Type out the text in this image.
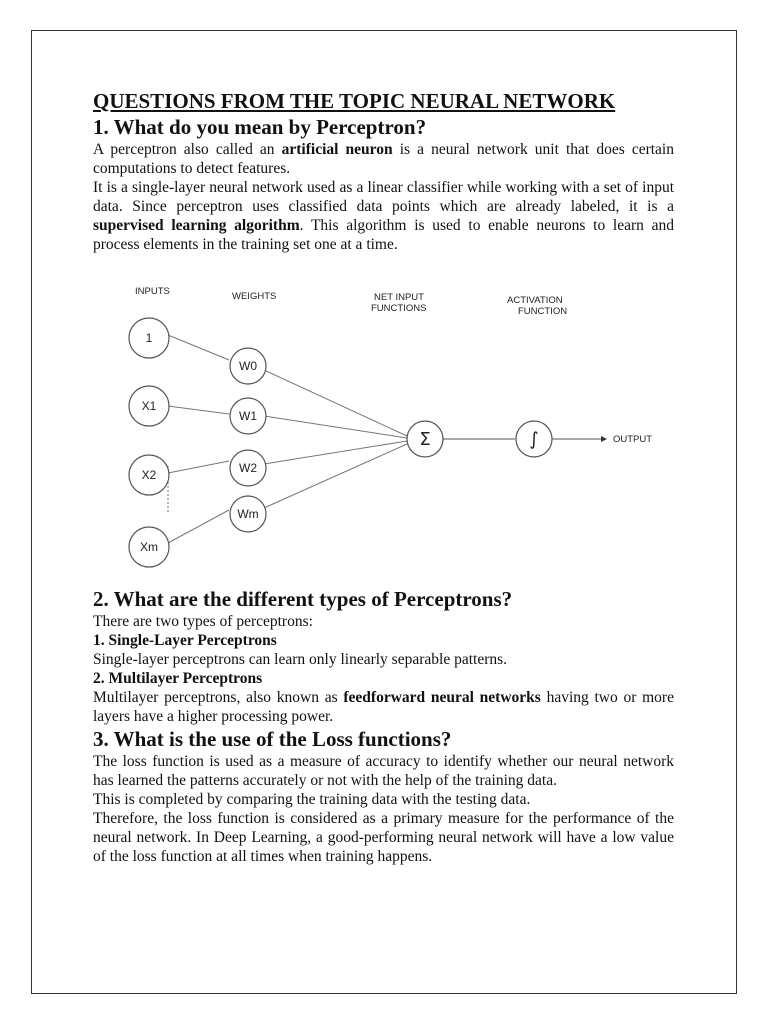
QUESTIONS FROM THE TOPIC NEURAL NETWORK
1. What do you mean by Perceptron?

A perceptron also called an artificial neuron is a neural network unit that does certain computations to detect features.

It is a single-layer neural network used as a linear classifier while working with a set of input data. Since perceptron uses classified data points which are already labeled, it is a supervised learning algorithm. This algorithm is used to enable neurons to learn and process elements in the training set one at a time.

INPUTS	WEIGHTS	NET INPUT
FUNCTIONS
ACTIVATION
FUNCTION
1
X1
X2
Xm
W0
W1
W2
Wm
Σ	∫	OUTPUT
2. What are the different types of Perceptrons?

There are two types of perceptrons:

1. Single-Layer Perceptrons

Single-layer perceptrons can learn only linearly separable patterns.

2. Multilayer Perceptrons

Multilayer perceptrons, also known as feedforward neural networks having two or more layers have a higher processing power.

3. What is the use of the Loss functions?

The loss function is used as a measure of accuracy to identify whether our neural network has learned the patterns accurately or not with the help of the training data.

This is completed by comparing the training data with the testing data.

Therefore, the loss function is considered as a primary measure for the performance of the neural network. In Deep Learning, a good-performing neural network will have a low value of the loss function at all times when training happens.
